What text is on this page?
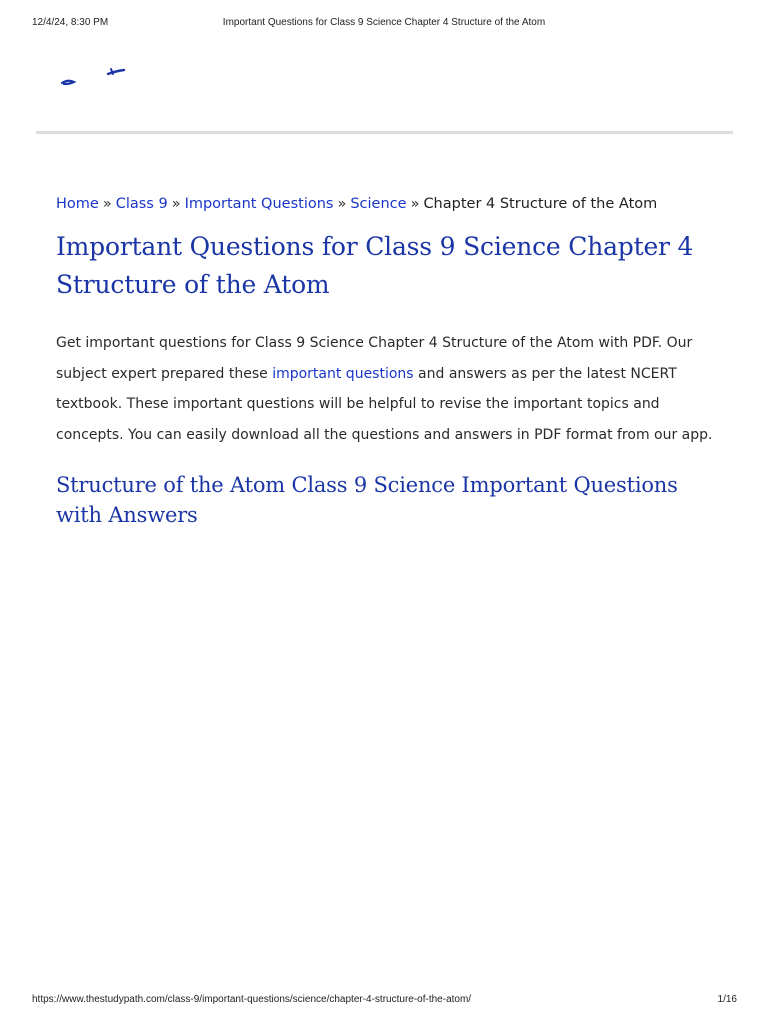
12/4/24, 8:30 PM	Important Questions for Class 9 Science Chapter 4 Structure of the Atom
Home » Class 9 » Important Questions » Science » Chapter 4 Structure of the Atom
Important Questions for Class 9 Science Chapter 4 Structure of the Atom

Get important questions for Class 9 Science Chapter 4 Structure of the Atom with PDF. Our subject expert prepared these important questions and answers as per the latest NCERT textbook. These important questions will be helpful to revise the important topics and concepts. You can easily download all the questions and answers in PDF format from our app.

Structure of the Atom Class 9 Science Important Questions with Answers
https://www.thestudypath.com/class-9/important-questions/science/chapter-4-structure-of-the-atom/	1/16
